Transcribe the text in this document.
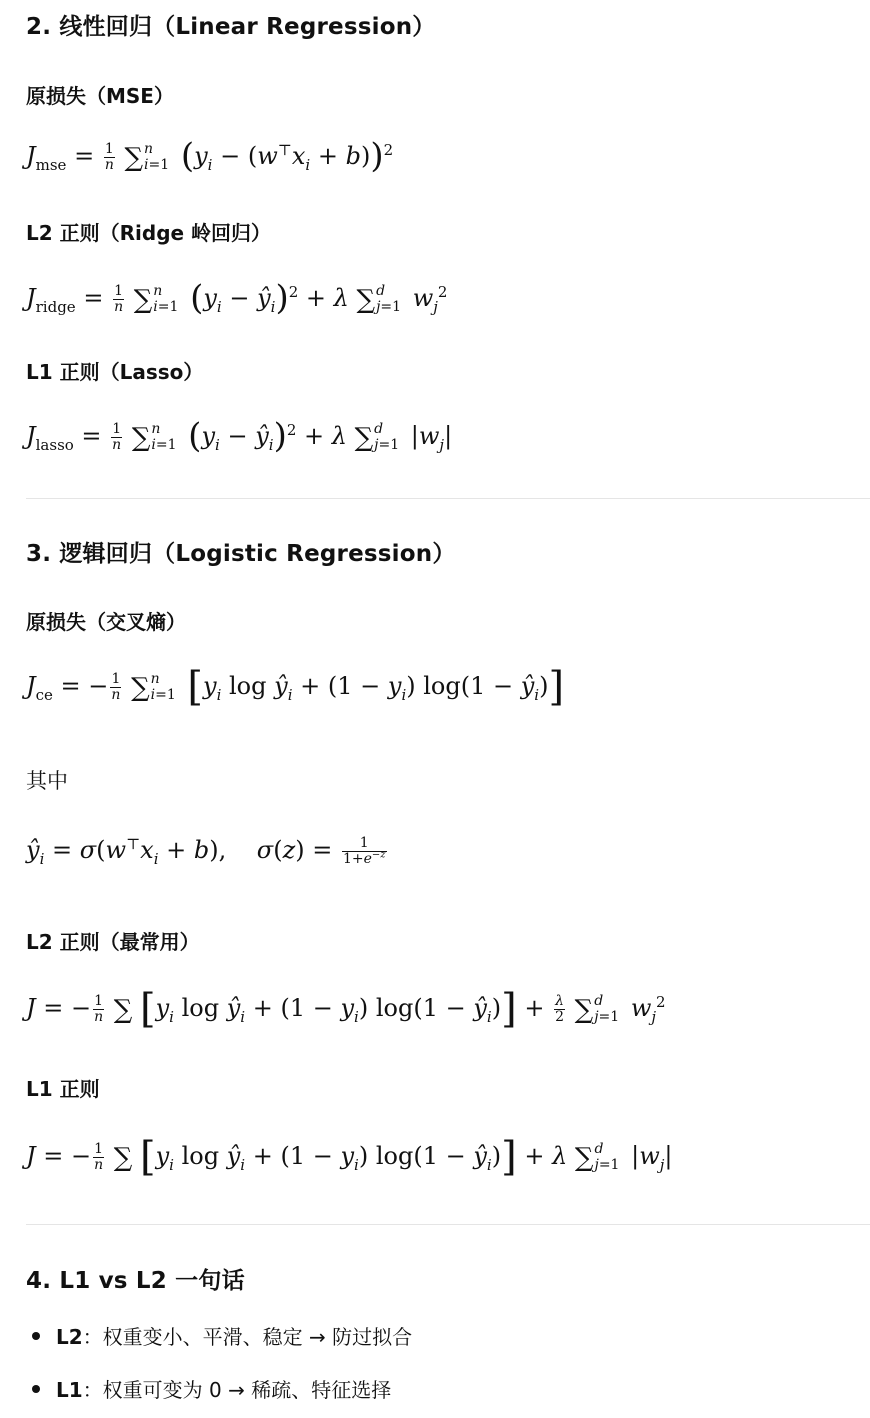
2. 线性回归（Linear Regression）
原损失（MSE）
$J_{mse} = \frac{1}{n}$ ∑ n
i=1 $(y_i - (w^⊤x_i + b))^2$
L2 正则（Ridge 岭回归）
$J_{ridge} = \frac{1}{n}$ ∑ n
i=1 ($y_i$ − $ŷ_i)^2 + \lambda$ ∑ d
j=1 $w_j^2$
L1 正则（Lasso）
$J_{lasso} = \frac{1}{n}$ ∑ n
i=1 ($y_i$ − $ŷ_i)^2 + \lambda$ ∑ d
j=1 $|w_j|$
3. 逻辑回归（Logistic Regression）
原损失（交叉熵）
$J_{ce}$ = − $\frac{1}{n}$ ∑ n
i=1 [$y_i$ $\log ŷ_i + (1 - y_i) \log(1$ − $ŷ_i$)]
其中
$ŷ_i = \sigma(w^⊤x_i + b)$,    $\sigma(z) = \frac{1}{1+e^{-z}}$
L2 正则（最常用）
J = − $\frac{1}{n}$ ∑ [$y_i$ $\log ŷ_i + (1 - y_i) \log(1$ − $ŷ_i)] + \frac{\lambda}{2}$ ∑ d
j=1 $w_j^2$
L1 正则
J = − $\frac{1}{n}$ ∑ [$y_i$ $\log ŷ_i + (1 - y_i) \log(1$ − $ŷ_i)] + \lambda$ ∑ d
j=1 $|w_j|$
4. L1 vs L2 一句话
L2：权重变小、平滑、稳定 → 防过拟合
L1：权重可变为 0 → 稀疏、特征选择
